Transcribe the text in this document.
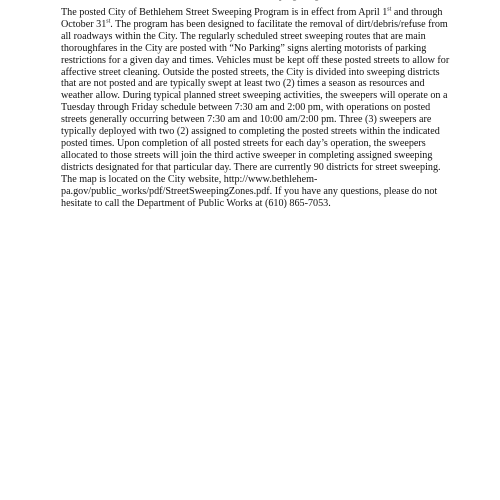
The posted City of Bethlehem Street Sweeping Program is in effect from April 1st and through October 31st. The program has been designed to facilitate the removal of dirt/debris/refuse from all roadways within the City. The regularly scheduled street sweeping routes that are main thoroughfares in the City are posted with “No Parking” signs alerting motorists of parking restrictions for a given day and times. Vehicles must be kept off these posted streets to allow for affective street cleaning. Outside the posted streets, the City is divided into sweeping districts that are not posted and are typically swept at least two (2) times a season as resources and weather allow. During typical planned street sweeping activities, the sweepers will operate on a Tuesday through Friday schedule between 7:30 am and 2:00 pm, with operations on posted streets generally occurring between 7:30 am and 10:00 am/2:00 pm. Three (3) sweepers are typically deployed with two (2) assigned to completing the posted streets within the indicated posted times. Upon completion of all posted streets for each day’s operation, the sweepers allocated to those streets will join the third active sweeper in completing assigned sweeping districts designated for that particular day. There are currently 90 districts for street sweeping. The map is located on the City website, http://www.bethlehem-pa.gov/public_works/pdf/StreetSweepingZones.pdf. If you have any questions, please do not hesitate to call the Department of Public Works at (610) 865-7053.
